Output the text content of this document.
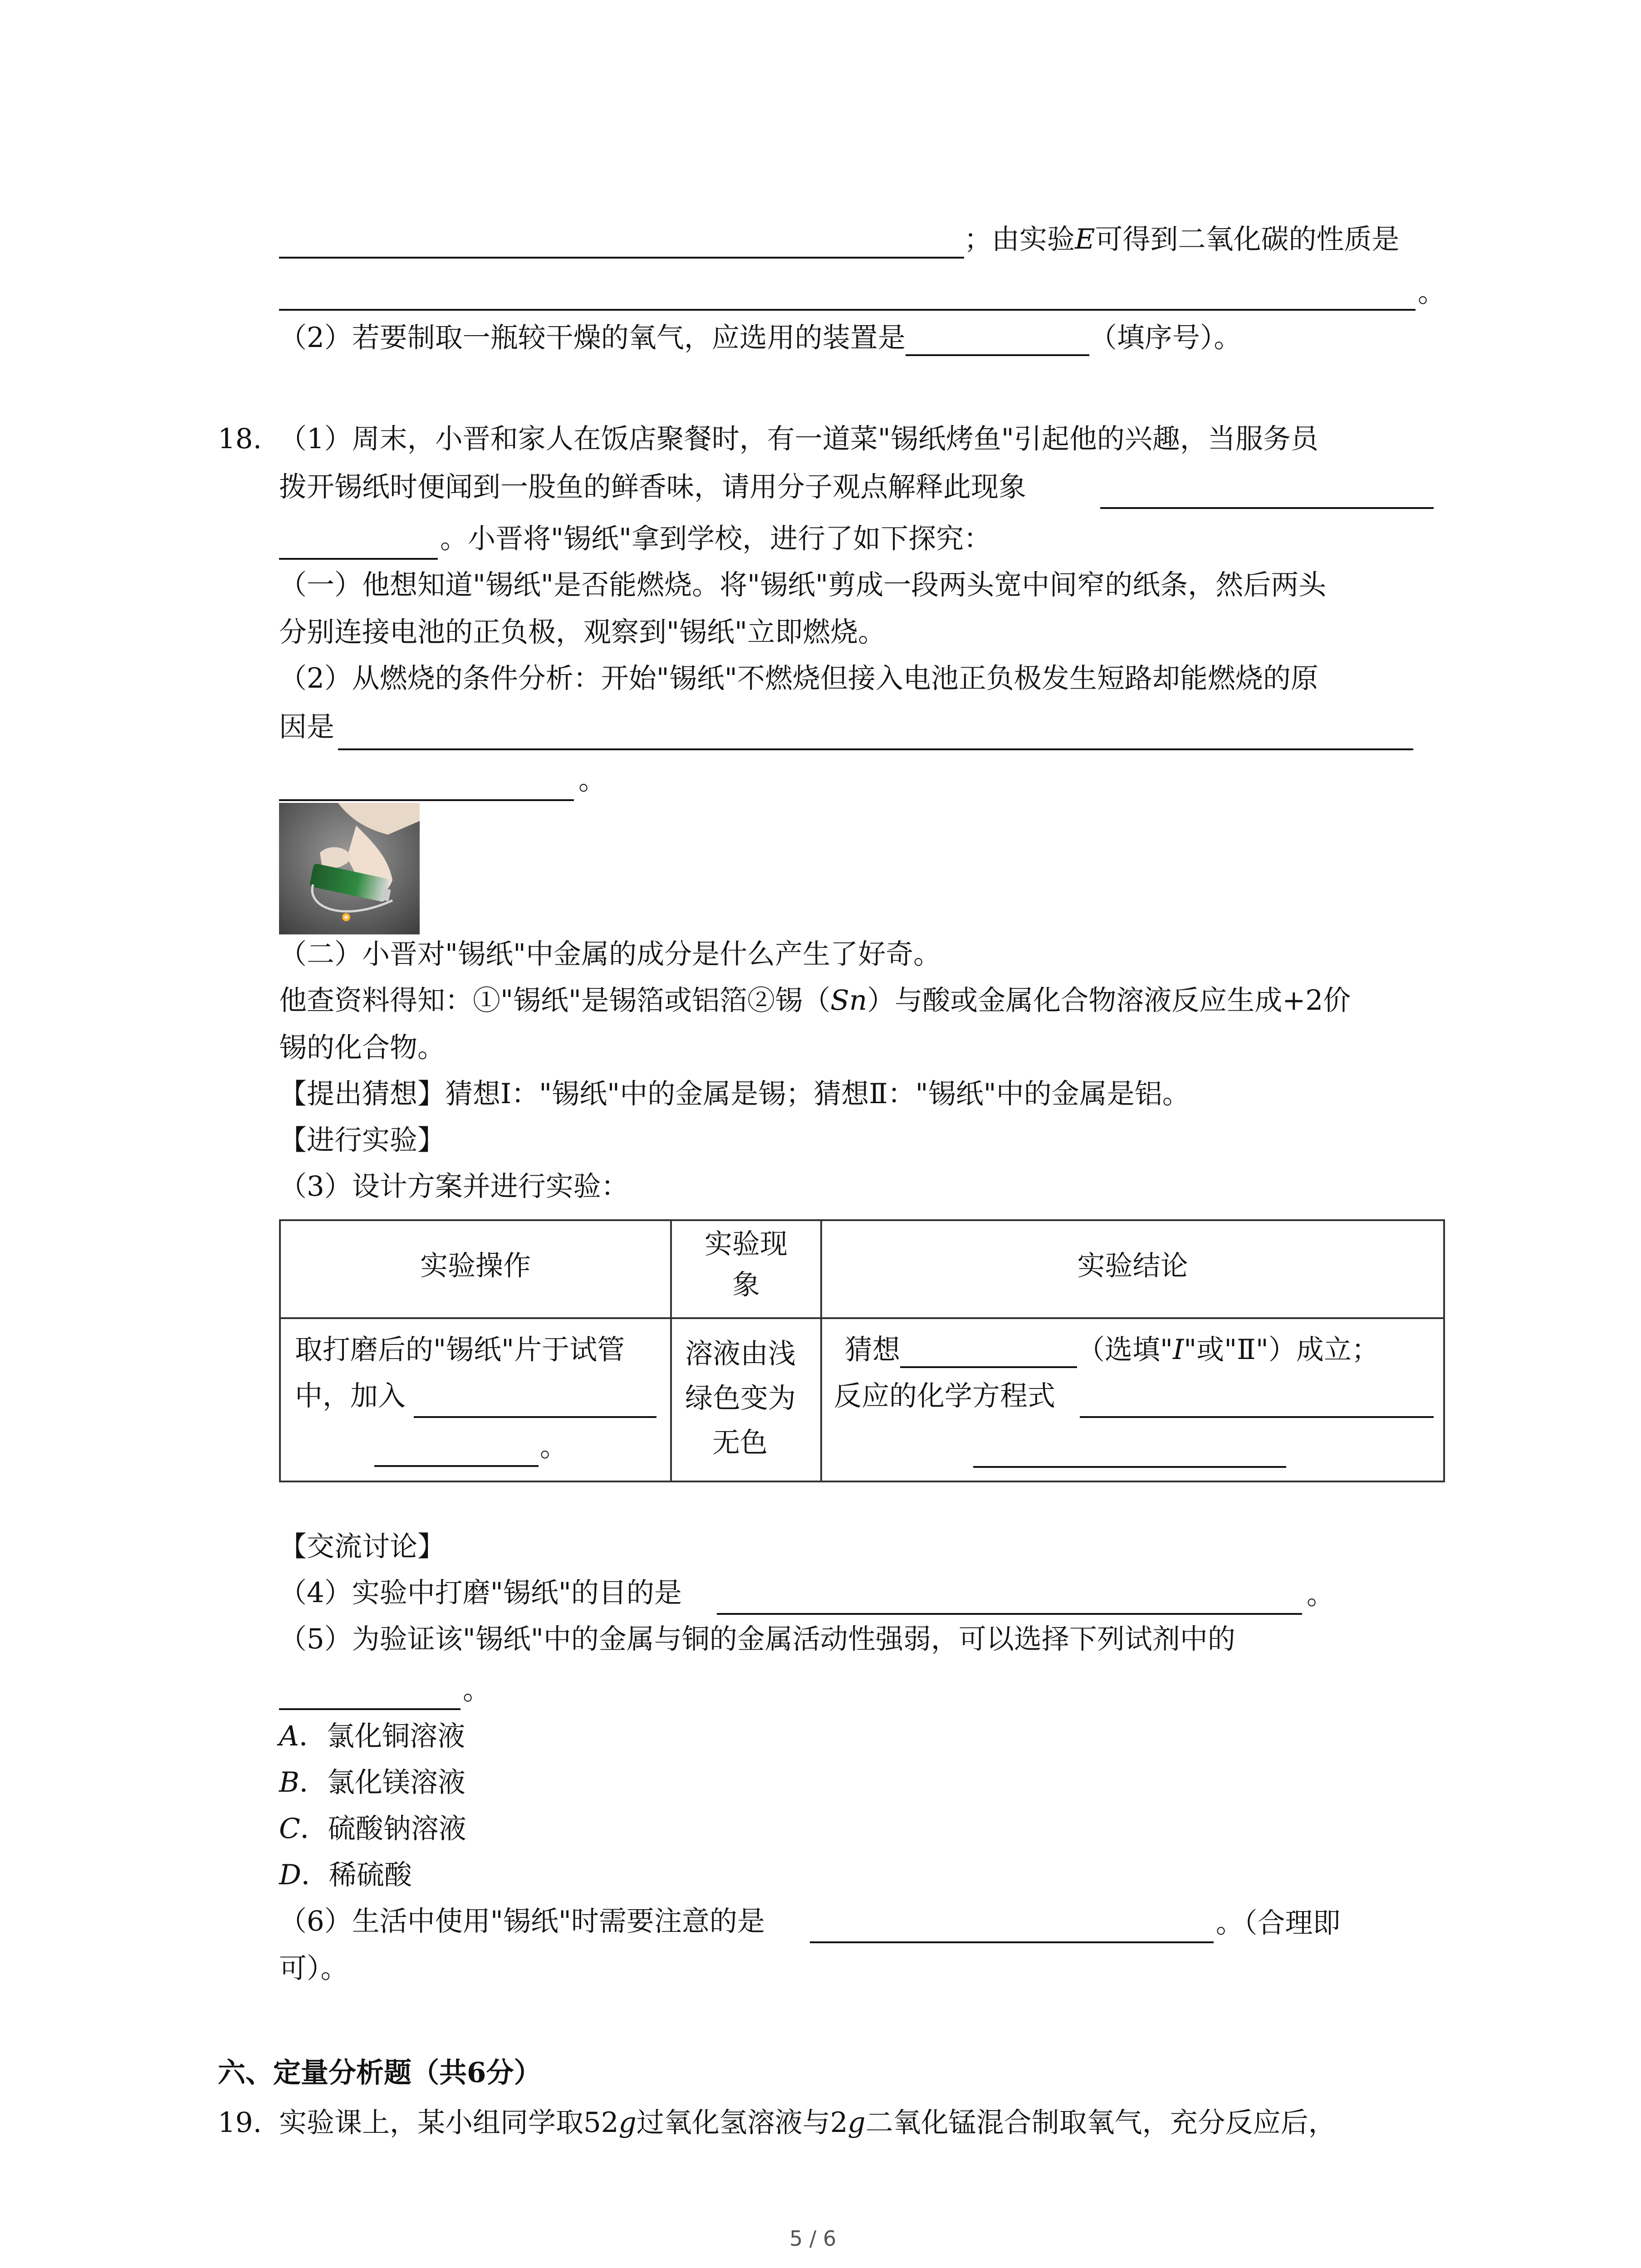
；由实验E可得到二氧化碳的性质是
。
（2）若要制取一瓶较干燥的氧气，应选用的装置是	（填序号）。
18. （1）周末，小晋和家人在饭店聚餐时，有一道菜"锡纸烤鱼"引起他的兴趣，当服务员
拨开锡纸时便闻到一股鱼的鲜香味，请用分子观点解释此现象
。小晋将"锡纸"拿到学校，进行了如下探究：
（一）他想知道"锡纸"是否能燃烧。将"锡纸"剪成一段两头宽中间窄的纸条，然后两头
分别连接电池的正负极，观察到"锡纸"立即燃烧。
（2）从燃烧的条件分析：开始"锡纸"不燃烧但接入电池正负极发生短路却能燃烧的原
因是
。
（二）小晋对"锡纸"中金属的成分是什么产生了好奇。
他查资料得知：①"锡纸"是锡箔或铝箔②锡（Sn）与酸或金属化合物溶液反应生成+2价
锡的化合物。
【提出猜想】猜想Ⅰ："锡纸"中的金属是锡；猜想Ⅱ："锡纸"中的金属是铝。
【进行实验】
（3）设计方案并进行实验：
实验操作
实验现
象
实验结论
取打磨后的"锡纸"片于试管
中，加入
。
溶液由浅
绿色变为
无色
猜想	（选填"I"或"Ⅱ"）成立；
反应的化学方程式
【交流讨论】
（4）实验中打磨"锡纸"的目的是	。
（5）为验证该"锡纸"中的金属与铜的金属活动性强弱，可以选择下列试剂中的
。
A．氯化铜溶液
B．氯化镁溶液
C．硫酸钠溶液
D．稀硫酸
（6）生活中使用"锡纸"时需要注意的是	。（合理即
可）。
六、定量分析题（共6分）
19. 实验课上，某小组同学取52g过氧化氢溶液与2g二氧化锰混合制取氧气，充分反应后，
5 / 6
